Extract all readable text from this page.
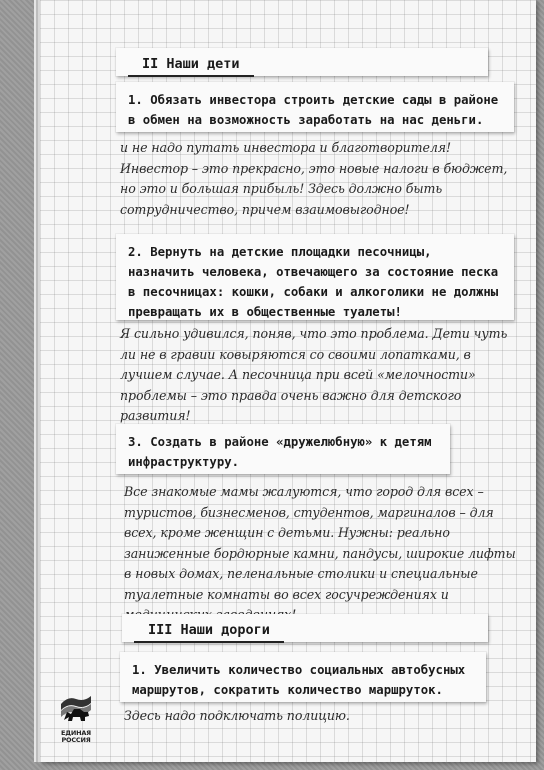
II Наши дети
1. Обязать инвестора строить детские сады в районе в обмен на возможность заработать на нас деньги.
и не надо путать инвестора и благотворителя! Инвестор – это прекрасно, это новые налоги в бюджет, но это и большая прибыль! Здесь должно быть сотрудничество, причем взаимовыгодное!
2. Вернуть на детские площадки песочницы, назначить человека, отвечающего за состояние песка в песочницах: кошки, собаки и алкоголики не должны превращать их в общественные туалеты!
Я сильно удивился, поняв, что это проблема. Дети чуть ли не в гравии ковыряются со своими лопатками, в лучшем случае. А песочница при всей «мелочности» проблемы – это правда очень важно для детского развития!
3. Создать в районе «дружелюбную» к детям инфраструктуру.
Все знакомые мамы жалуются, что город для всех – туристов, бизнесменов, студентов, маргиналов – для всех, кроме женщин с детьми. Нужны: реально заниженные бордюрные камни, пандусы, широкие лифты в новых домах, пеленальные столики и специальные туалетные комнаты во всех госучреждениях и
III Наши дороги
1. Увеличить количество социальных автобусных маршрутов, сократить количество маршруток.
Здесь надо подключать полицию.
ЕДИНАЯ
РОССИЯ
